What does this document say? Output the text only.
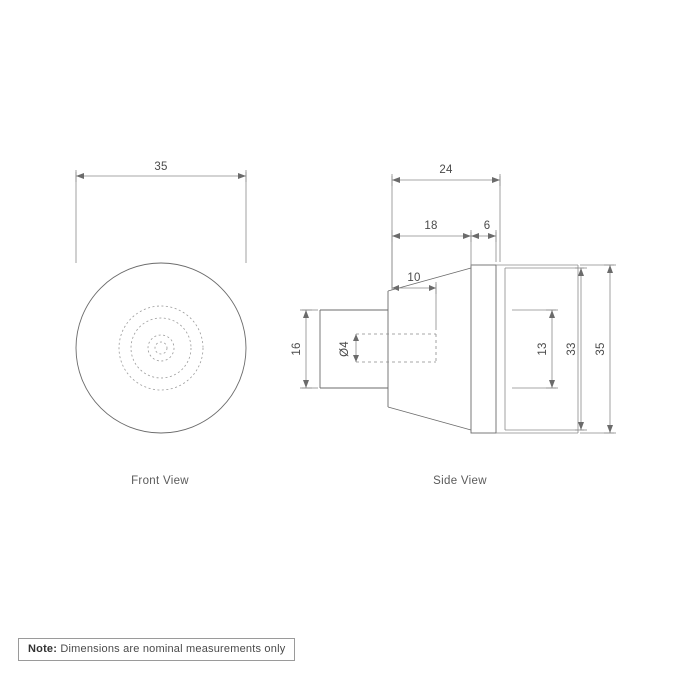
35	24
18	6
10
16	Ø4	13 33 35
Front View	Side View
Note: Dimensions are nominal measurements only
